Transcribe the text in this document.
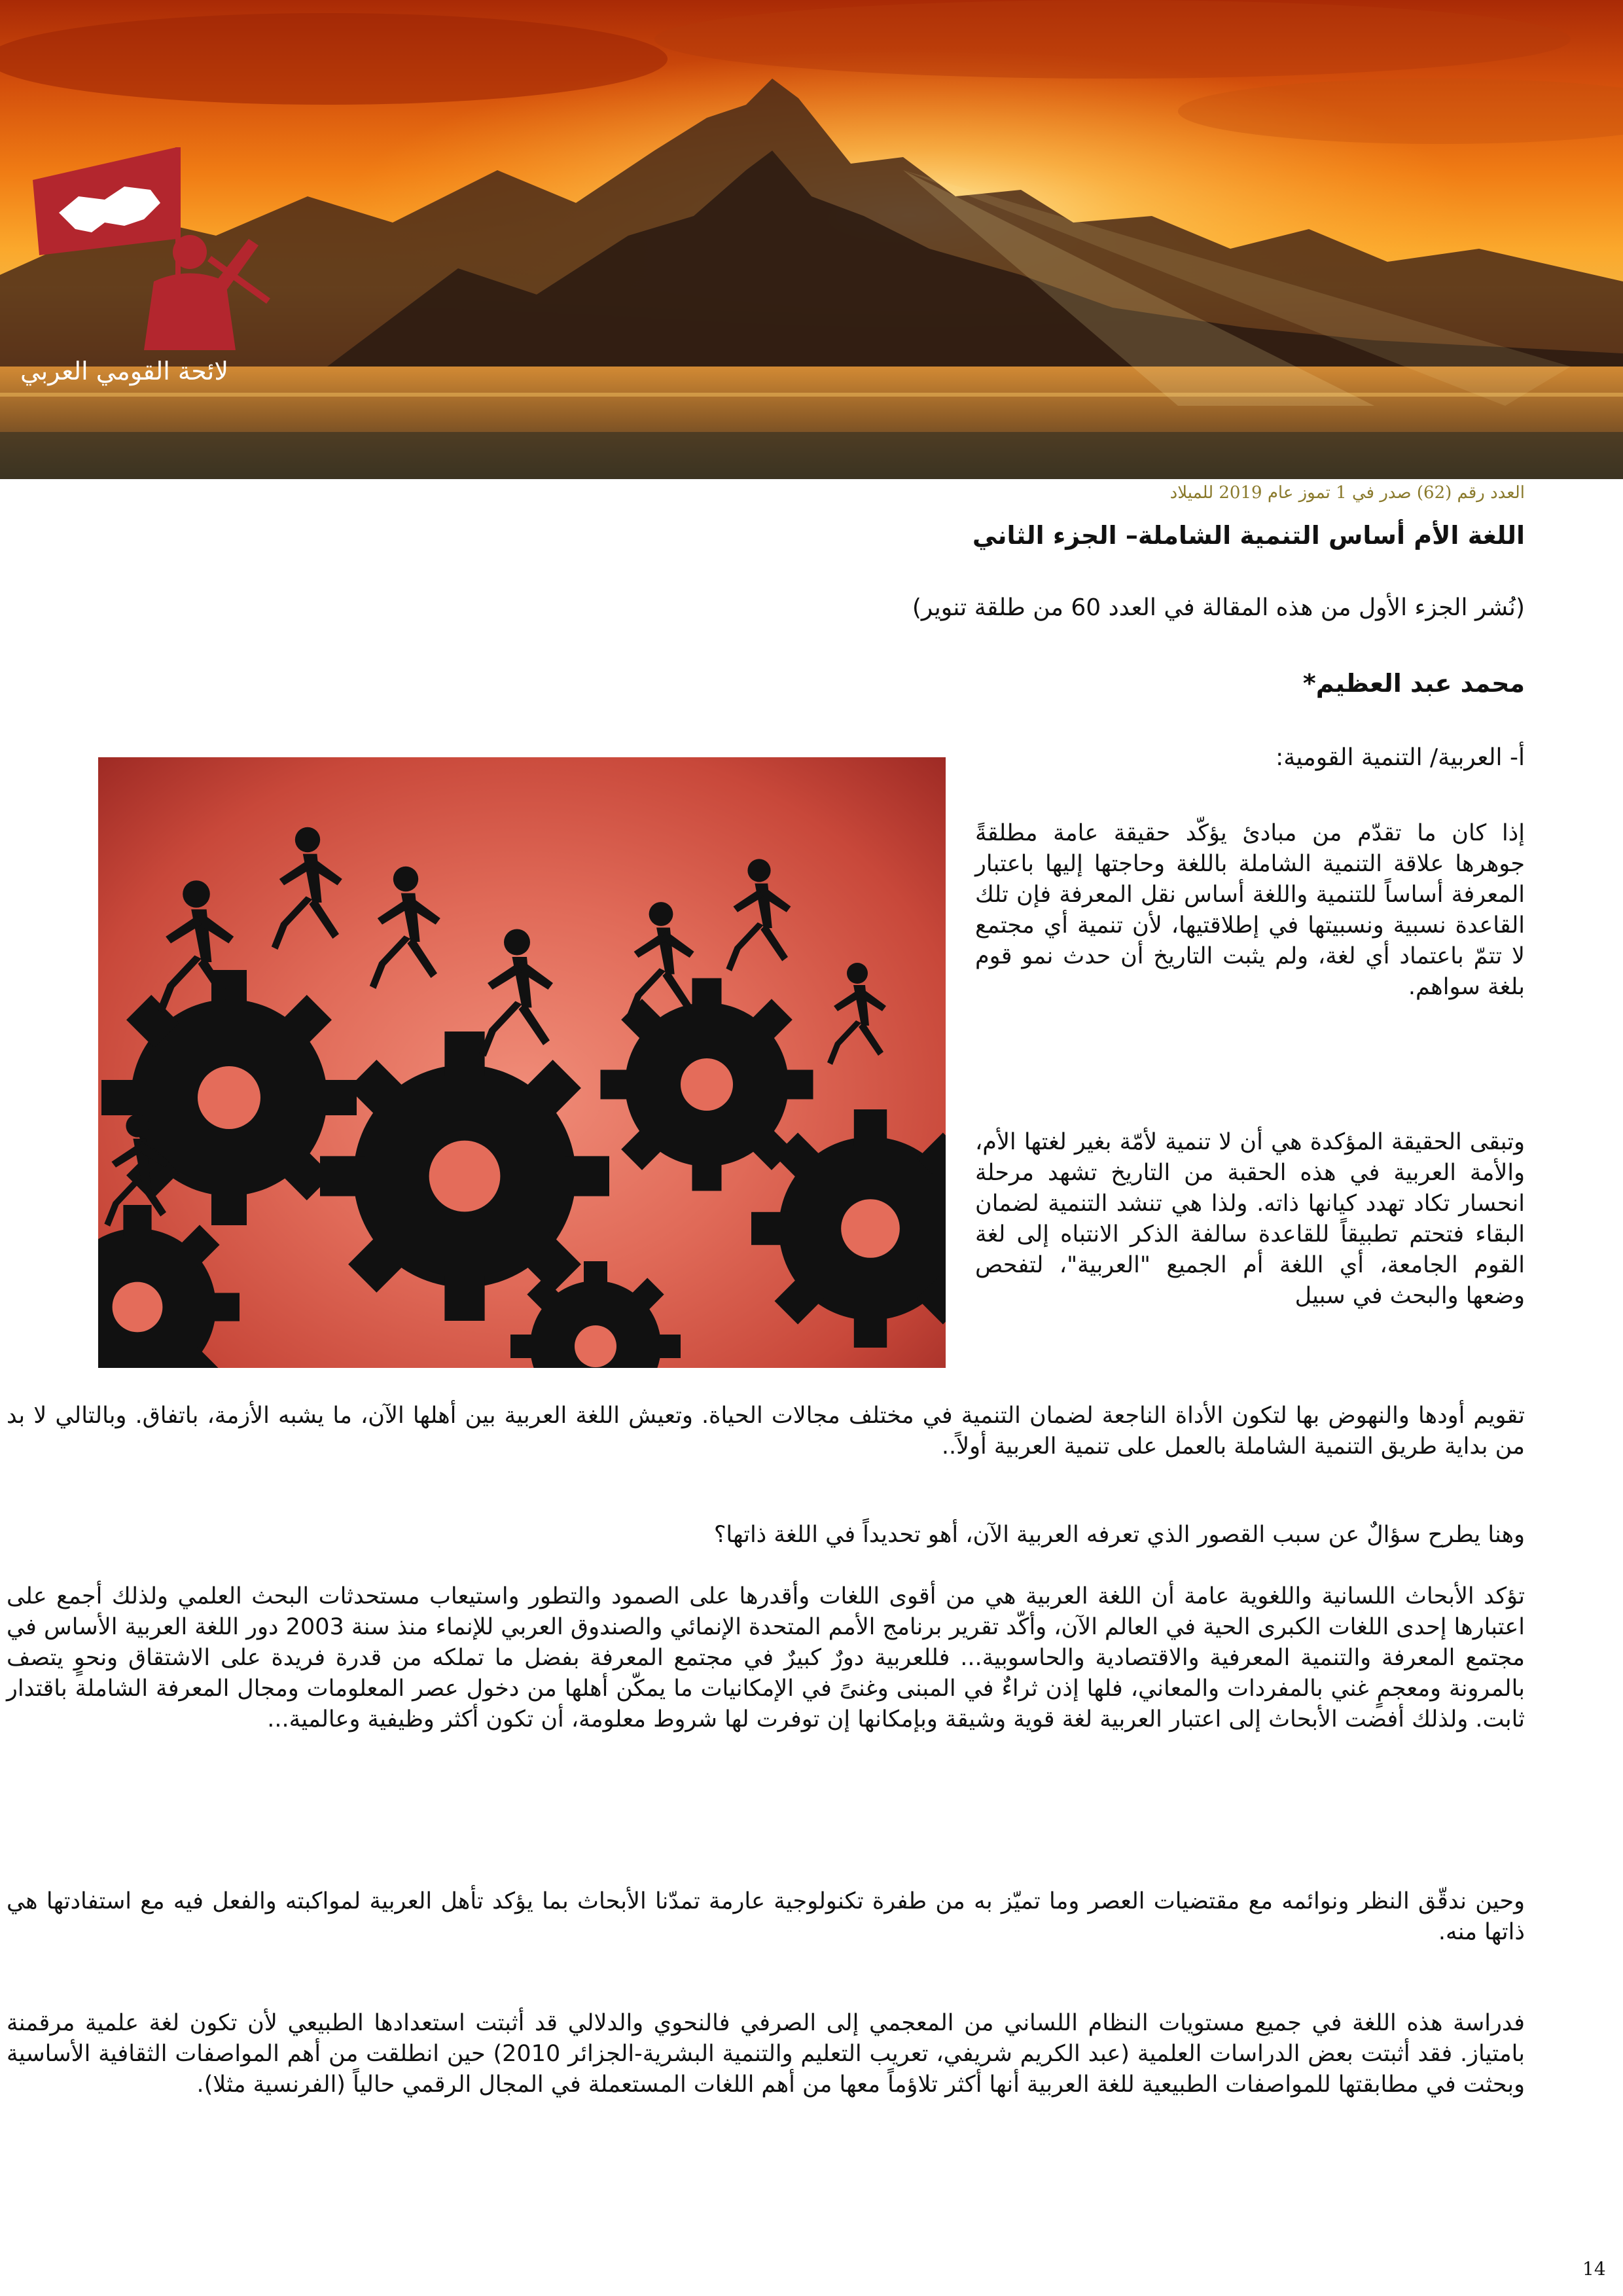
لائحة القومي العربي
العدد رقم (62) صدر في 1 تموز عام 2019 للميلاد
اللغة الأم أساس التنمية الشاملة– الجزء الثاني
(نُشر الجزء الأول من هذه المقالة في العدد 60 من طلقة تنوير)
محمد عبد العظيم*
أ- العربية/ التنمية القومية:

إذا كان ما تقدّم من مبادئ يؤكّد حقيقة عامة مطلقةً جوهرها علاقة التنمية الشاملة باللغة وحاجتها إليها باعتبار المعرفة أساساً للتنمية واللغة أساس نقل المعرفة فإن تلك القاعدة نسبية ونسبيتها في إطلاقتيها، لأن تنمية أي مجتمع لا تتمّ باعتماد أي لغة، ولم يثبت التاريخ أن حدث نمو قوم بلغة سواهم.

وتبقى الحقيقة المؤكدة هي أن لا تنمية لأمّة بغير لغتها الأم، والأمة العربية في هذه الحقبة من التاريخ تشهد مرحلة انحسار تكاد تهدد كيانها ذاته. ولذا هي تنشد التنمية لضمان البقاء فتحتم تطبيقاً للقاعدة سالفة الذكر الانتباه إلى لغة القوم الجامعة، أي اللغة أم الجميع "العربية"، لتفحص وضعها والبحث في سبيل

تقويم أودها والنهوض بها لتكون الأداة الناجعة لضمان التنمية في مختلف مجالات الحياة. وتعيش اللغة العربية بين أهلها الآن، ما يشبه الأزمة، باتفاق. وبالتالي لا بد من بداية طريق التنمية الشاملة بالعمل على تنمية العربية أولاً..

وهنا يطرح سؤالٌ عن سبب القصور الذي تعرفه العربية الآن، أهو تحديداً في اللغة ذاتها؟

تؤكد الأبحاث اللسانية واللغوية عامة أن اللغة العربية هي من أقوى اللغات وأقدرها على الصمود والتطور واستيعاب مستحدثات البحث العلمي ولذلك أجمع على اعتبارها إحدى اللغات الكبرى الحية في العالم الآن، وأكّد تقرير برنامج الأمم المتحدة الإنمائي والصندوق العربي للإنماء منذ سنة 2003 دور اللغة العربية الأساس في مجتمع المعرفة والتنمية المعرفية والاقتصادية والحاسوبية... فللعربية دورٌ كبيرٌ في مجتمع المعرفة بفضل ما تملكه من قدرة فريدة على الاشتقاق ونحوٍ يتصف بالمرونة ومعجمٍ غني بالمفردات والمعاني، فلها إذن ثراءٌ في المبنى وغنىً في الإمكانيات ما يمكّن أهلها من دخول عصر المعلومات ومجال المعرفة الشاملة باقتدار ثابت. ولذلك أفضت الأبحاث إلى اعتبار العربية لغة قوية وشيقة وبإمكانها إن توفرت لها شروط معلومة، أن تكون أكثر وظيفية وعالمية...

وحين ندقّق النظر ونوائمه مع مقتضيات العصر وما تميّز به من طفرة تكنولوجية عارمة تمدّنا الأبحاث بما يؤكد تأهل العربية لمواكبته والفعل فيه مع استفادتها هي ذاتها منه.

فدراسة هذه اللغة في جميع مستويات النظام اللساني من المعجمي إلى الصرفي فالنحوي والدلالي قد أثبتت استعدادها الطبيعي لأن تكون لغة علمية مرقمنة بامتياز. فقد أثبتت بعض الدراسات العلمية (عبد الكريم شريفي، تعريب التعليم والتنمية البشرية-الجزائر 2010) حين انطلقت من أهم المواصفات الثقافية الأساسية وبحثت في مطابقتها للمواصفات الطبيعية للغة العربية أنها أكثر تلاؤماً معها من أهم اللغات المستعملة في المجال الرقمي حالياً (الفرنسية مثلا).

14
